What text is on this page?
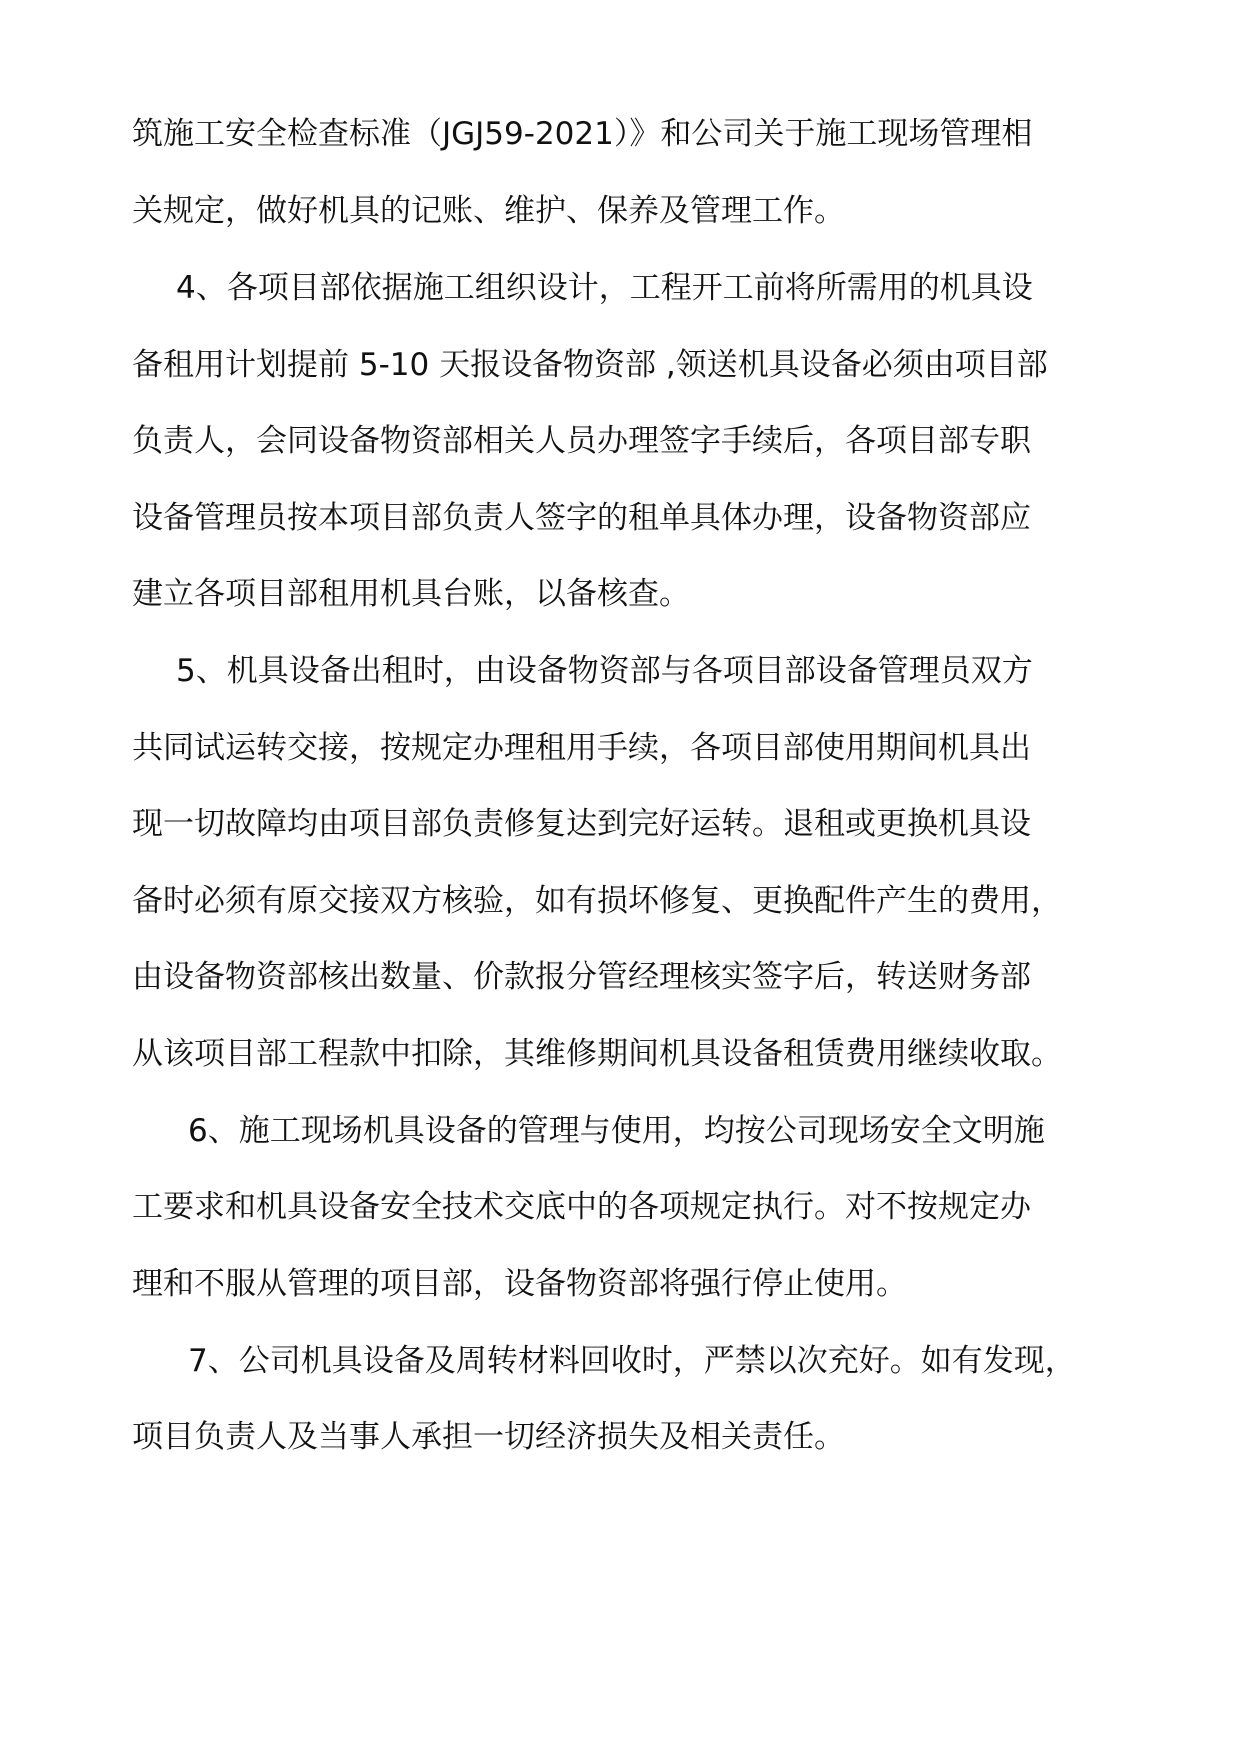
筑施工安全检查标准（JGJ59-2021）》和公司关于施工现场管理相
关规定，做好机具的记账、维护、保养及管理工作。
4、各项目部依据施工组织设计，工程开工前将所需用的机具设
备租用计划提前 5-10 天报设备物资部 ,领送机具设备必须由项目部
负责人，会同设备物资部相关人员办理签字手续后，各项目部专职
设备管理员按本项目部负责人签字的租单具体办理，设备物资部应
建立各项目部租用机具台账，以备核查。
5、机具设备出租时，由设备物资部与各项目部设备管理员双方
共同试运转交接，按规定办理租用手续，各项目部使用期间机具出
现一切故障均由项目部负责修复达到完好运转。退租或更换机具设
备时必须有原交接双方核验，如有损坏修复、更换配件产生的费用，
由设备物资部核出数量、价款报分管经理核实签字后，转送财务部
从该项目部工程款中扣除，其维修期间机具设备租赁费用继续收取。
6、施工现场机具设备的管理与使用，均按公司现场安全文明施
工要求和机具设备安全技术交底中的各项规定执行。对不按规定办
理和不服从管理的项目部，设备物资部将强行停止使用。
7、公司机具设备及周转材料回收时，严禁以次充好。如有发现，
项目负责人及当事人承担一切经济损失及相关责任。
